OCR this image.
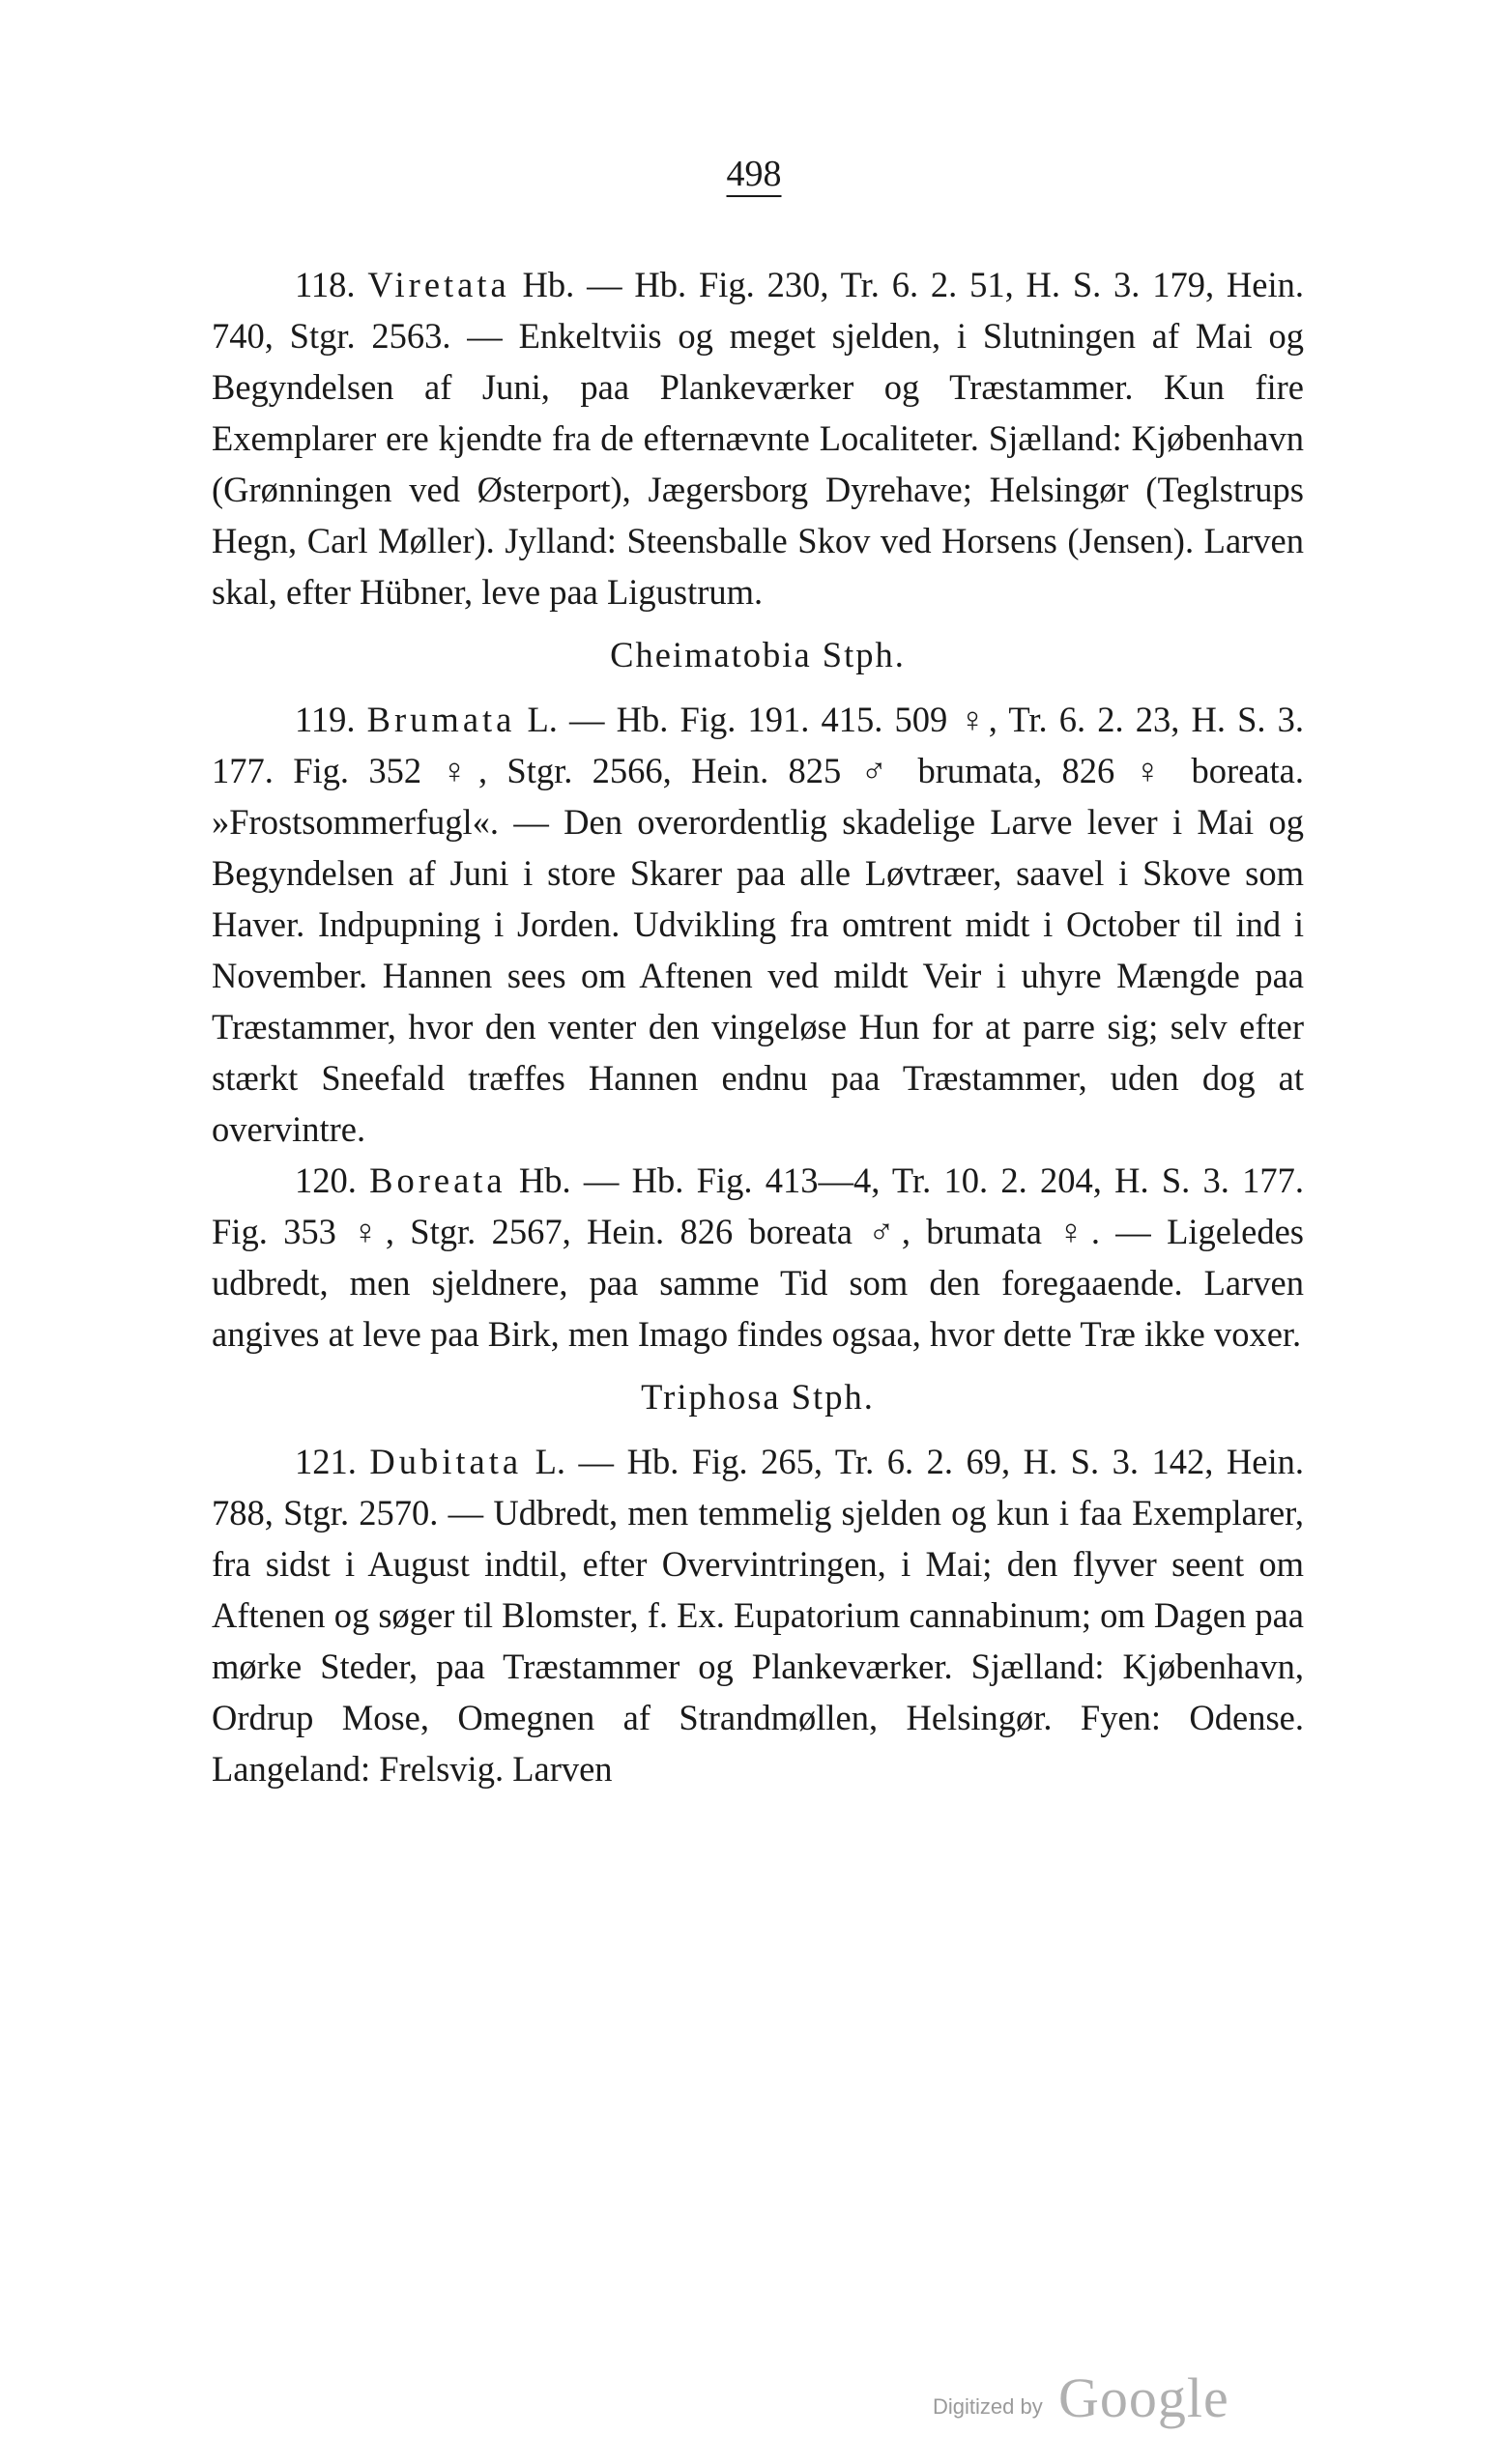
498

118. Viretata Hb. — Hb. Fig. 230, Tr. 6. 2. 51, H. S. 3. 179, Hein. 740, Stgr. 2563. — Enkeltviis og meget sjelden, i Slutningen af Mai og Begyndelsen af Juni, paa Plankeværker og Træstammer. Kun fire Exemplarer ere kjendte fra de efternævnte Localiteter. Sjælland: Kjøbenhavn (Grønningen ved Østerport), Jægersborg Dyrehave; Helsingør (Teglstrups Hegn, Carl Møller). Jylland: Steensballe Skov ved Horsens (Jensen). Larven skal, efter Hübner, leve paa Ligustrum.

Cheimatobia Stph.

119. Brumata L. — Hb. Fig. 191. 415. 509 ♀, Tr. 6. 2. 23, H. S. 3. 177. Fig. 352 ♀, Stgr. 2566, Hein. 825 ♂ brumata, 826 ♀ boreata. »Frostsommerfugl«. — Den overordentlig skadelige Larve lever i Mai og Begyndelsen af Juni i store Skarer paa alle Løvtræer, saavel i Skove som Haver. Indpupning i Jorden. Udvikling fra omtrent midt i October til ind i November. Hannen sees om Aftenen ved mildt Veir i uhyre Mængde paa Træstammer, hvor den venter den vingeløse Hun for at parre sig; selv efter stærkt Sneefald træffes Hannen endnu paa Træstammer, uden dog at overvintre.

120. Boreata Hb. — Hb. Fig. 413—4, Tr. 10. 2. 204, H. S. 3. 177. Fig. 353 ♀, Stgr. 2567, Hein. 826 boreata ♂, brumata ♀. — Ligeledes udbredt, men sjeldnere, paa samme Tid som den foregaaende. Larven angives at leve paa Birk, men Imago findes ogsaa, hvor dette Træ ikke voxer.

Triphosa Stph.

121. Dubitata L. — Hb. Fig. 265, Tr. 6. 2. 69, H. S. 3. 142, Hein. 788, Stgr. 2570. — Udbredt, men temmelig sjelden og kun i faa Exemplarer, fra sidst i August indtil, efter Overvintringen, i Mai; den flyver seent om Aftenen og søger til Blomster, f. Ex. Eupatorium cannabinum; om Dagen paa mørke Steder, paa Træstammer og Plankeværker. Sjælland: Kjøbenhavn, Ordrup Mose, Omegnen af Strandmøllen, Helsingør. Fyen: Odense. Langeland: Frelsvig. Larven

Digitized by Google
